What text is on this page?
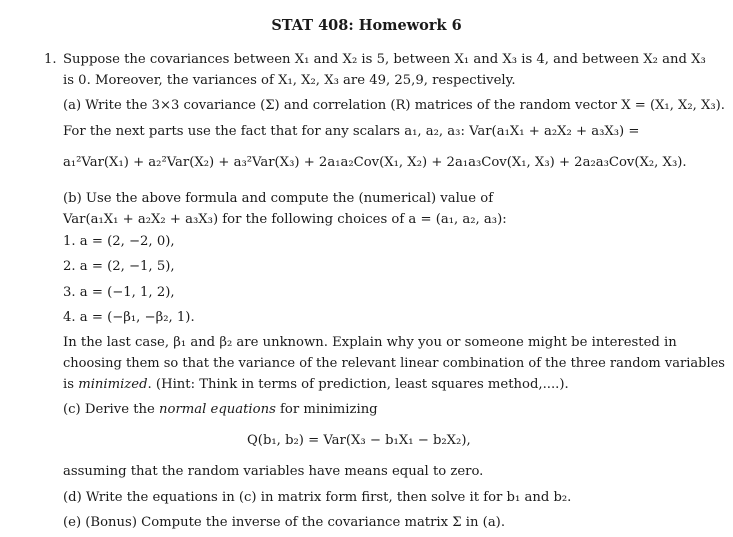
STAT 408: Homework 6
1. Suppose the covariances between X₁ and X₂ is 5, between X₁ and X₃ is 4, and between X₂ and X₃
is 0. Moreover, the variances of X₁, X₂, X₃ are 49, 25,9, respectively.
(a) Write the 3×3 covariance (Σ) and correlation (R) matrices of the random vector X = (X₁, X₂, X₃).
For the next parts use the fact that for any scalars a₁, a₂, a₃: Var(a₁X₁ + a₂X₂ + a₃X₃) =
a₁²Var(X₁) + a₂²Var(X₂) + a₃²Var(X₃) + 2a₁a₂Cov(X₁, X₂) + 2a₁a₃Cov(X₁, X₃) + 2a₂a₃Cov(X₂, X₃).
(b) Use the above formula and compute the (numerical) value of
Var(a₁X₁ + a₂X₂ + a₃X₃) for the following choices of a = (a₁, a₂, a₃):
1. a = (2, −2, 0),
2. a = (2, −1, 5),
3. a = (−1, 1, 2),
4. a = (−β₁, −β₂, 1).
In the last case, β₁ and β₂ are unknown. Explain why you or someone might be interested in
choosing them so that the variance of the relevant linear combination of the three random variables
is minimized. (Hint: Think in terms of prediction, least squares method,....).
(c) Derive the normal equations for minimizing
Q(b₁, b₂) = Var(X₃ − b₁X₁ − b₂X₂),
assuming that the random variables have means equal to zero.
(d) Write the equations in (c) in matrix form first, then solve it for b₁ and b₂.
(e) (Bonus) Compute the inverse of the covariance matrix Σ in (a).
